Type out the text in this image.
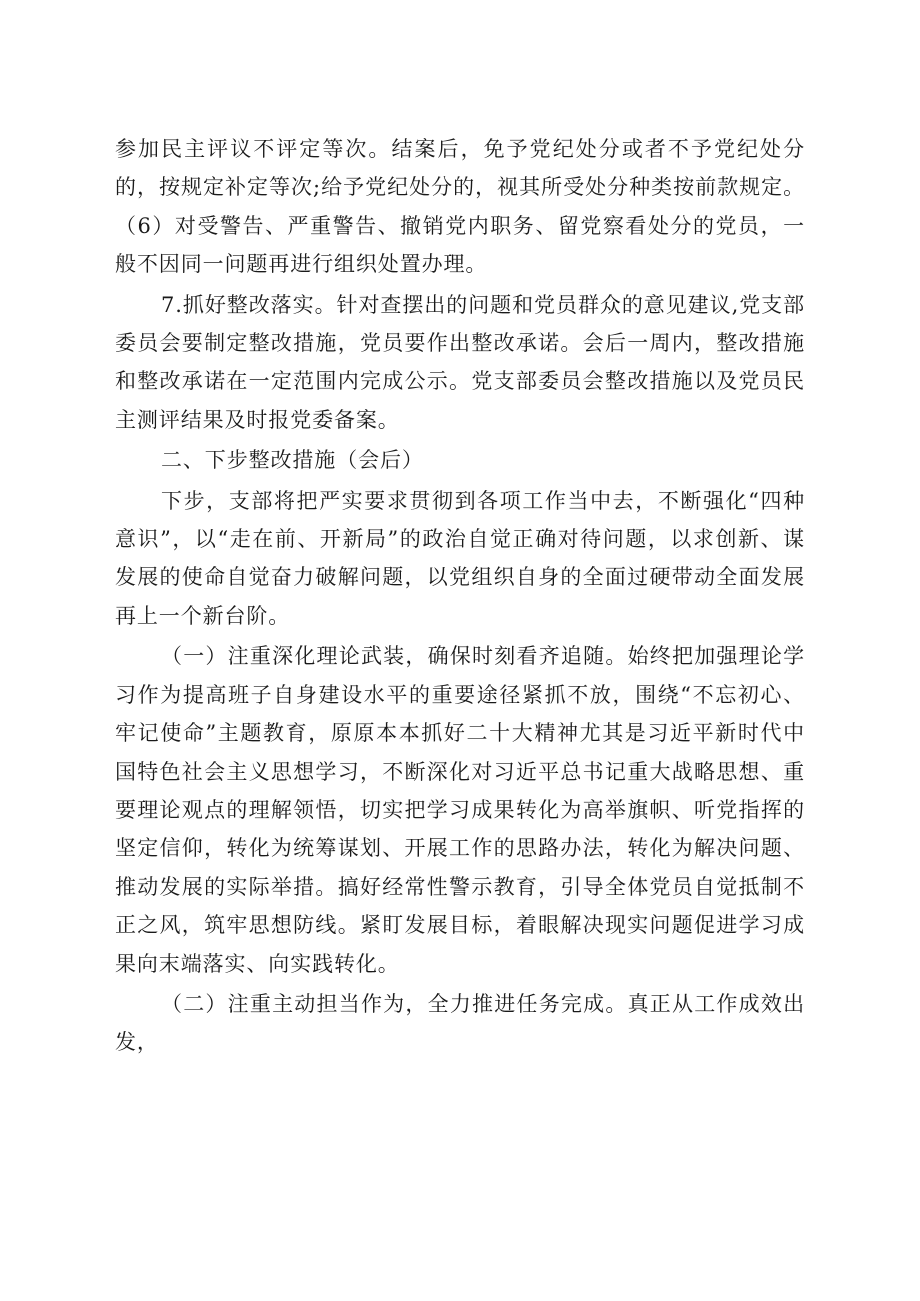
参加民主评议不评定等次。结案后，免予党纪处分或者不予党纪处分的，按规定补定等次;给予党纪处分的，视其所受处分种类按前款规定。（6）对受警告、严重警告、撤销党内职务、留党察看处分的党员，一般不因同一问题再进行组织处置办理。

7.抓好整改落实。针对查摆出的问题和党员群众的意见建议,党支部委员会要制定整改措施，党员要作出整改承诺。会后一周内，整改措施和整改承诺在一定范围内完成公示。党支部委员会整改措施以及党员民主测评结果及时报党委备案。

二、下步整改措施（会后）

下步，支部将把严实要求贯彻到各项工作当中去，不断强化“四种意识”，以“走在前、开新局”的政治自觉正确对待问题，以求创新、谋发展的使命自觉奋力破解问题，以党组织自身的全面过硬带动全面发展再上一个新台阶。

（一）注重深化理论武装，确保时刻看齐追随。始终把加强理论学习作为提高班子自身建设水平的重要途径紧抓不放，围绕“不忘初心、牢记使命”主题教育，原原本本抓好二十大精神尤其是习近平新时代中国特色社会主义思想学习，不断深化对习近平总书记重大战略思想、重要理论观点的理解领悟，切实把学习成果转化为高举旗帜、听党指挥的坚定信仰，转化为统筹谋划、开展工作的思路办法，转化为解决问题、推动发展的实际举措。搞好经常性警示教育，引导全体党员自觉抵制不正之风，筑牢思想防线。紧盯发展目标，着眼解决现实问题促进学习成果向末端落实、向实践转化。

（二）注重主动担当作为，全力推进任务完成。真正从工作成效出发，
